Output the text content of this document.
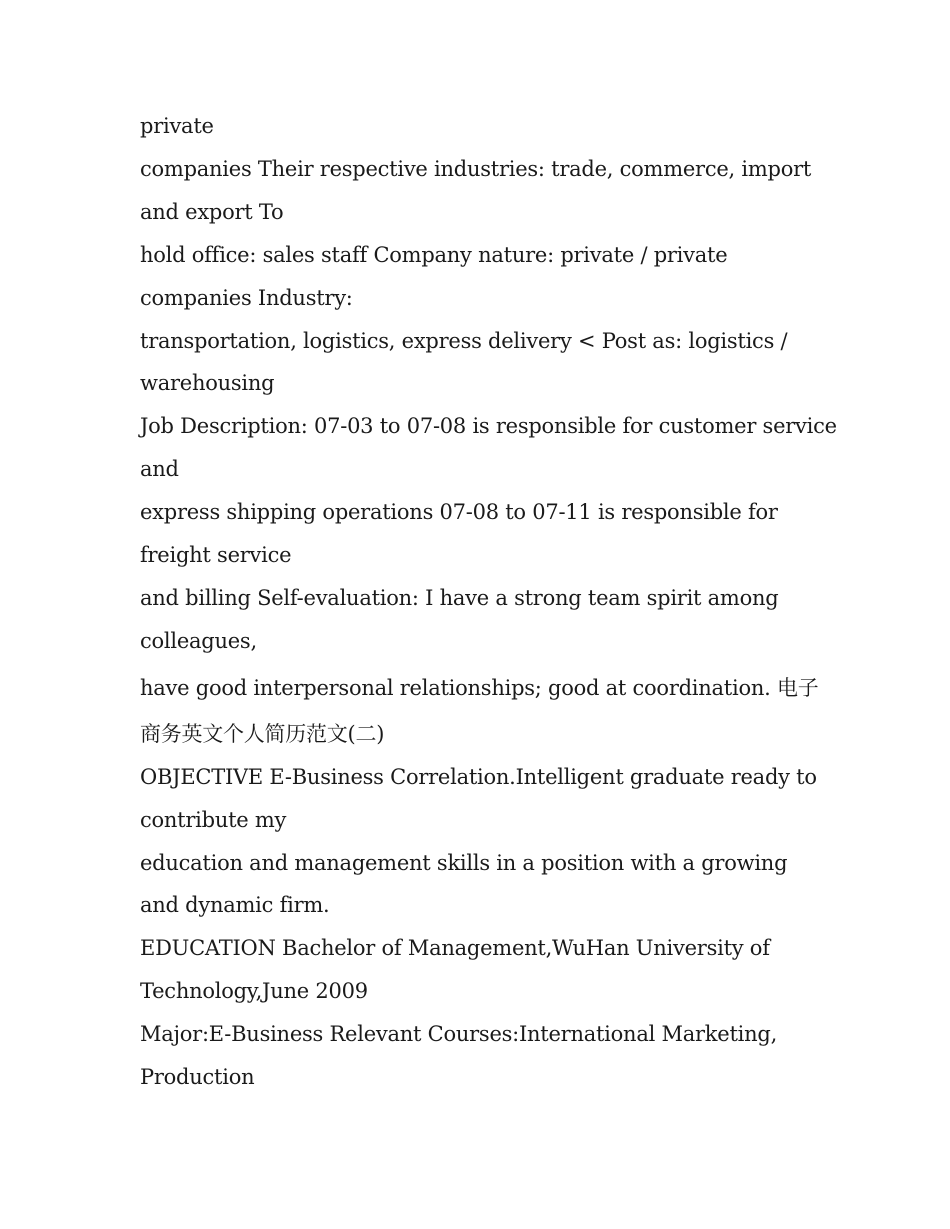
private
companies Their respective industries: trade, commerce, import
and export To
hold office: sales staff Company nature: private / private
companies Industry:
transportation, logistics, express delivery < Post as: logistics /
warehousing
Job Description: 07-03 to 07-08 is responsible for customer service
and
express shipping operations 07-08 to 07-11 is responsible for
freight service
and billing Self-evaluation: I have a strong team spirit among
colleagues,
have good interpersonal relationships; good at coordination. 电子
商务英文个人简历范文(二)
OBJECTIVE E-Business Correlation.Intelligent graduate ready to
contribute my
education and management skills in a position with a growing
and dynamic firm.
EDUCATION Bachelor of Management,WuHan University of
Technology,June 2009
Major:E-Business Relevant Courses:International Marketing,
Production
